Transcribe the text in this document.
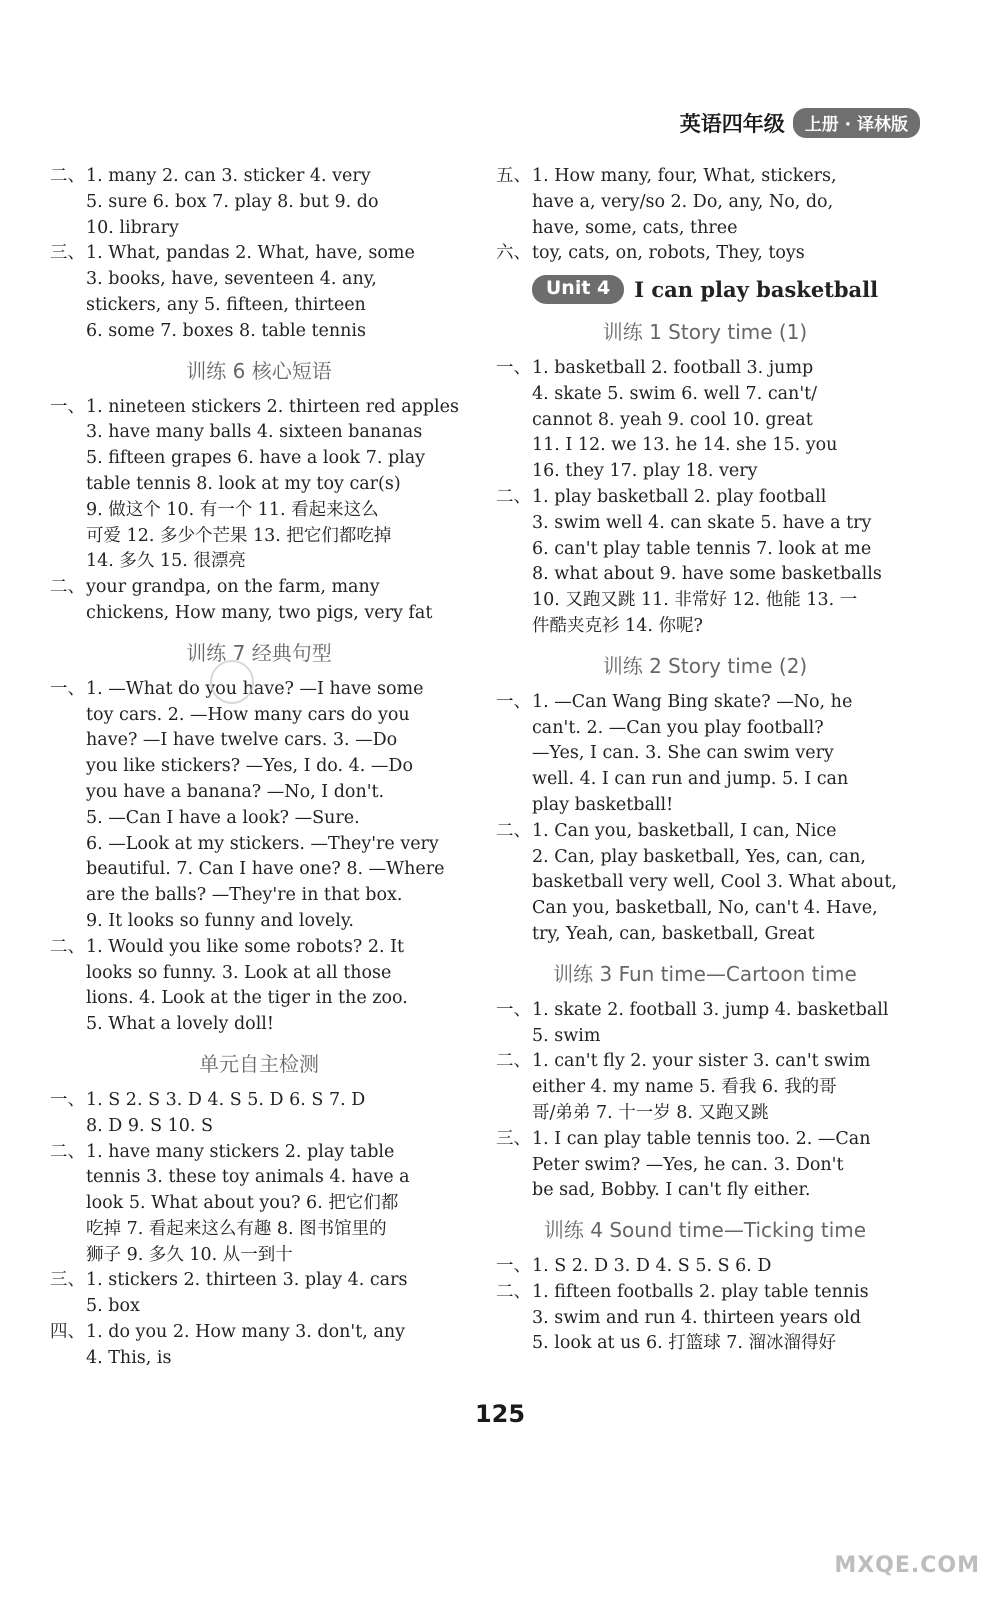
英语四年级	上册 · 译林版
二、 1. many 2. can 3. sticker 4. very
5. sure 6. box 7. play 8. but 9. do
10. library
三、 1. What, pandas 2. What, have, some
3. books, have, seventeen 4. any,
stickers, any 5. fifteen, thirteen
6. some 7. boxes 8. table tennis
训练 6 核心短语
一、 1. nineteen stickers 2. thirteen red apples
3. have many balls 4. sixteen bananas
5. fifteen grapes 6. have a look 7. play
table tennis 8. look at my toy car(s)
9. 做这个 10. 有一个 11. 看起来这么
可爱 12. 多少个芒果 13. 把它们都吃掉
14. 多久 15. 很漂亮
二、 your grandpa, on the farm, many
chickens, How many, two pigs, very fat
训练 7 经典句型
一、 1. —What do you have? —I have some
toy cars. 2. —How many cars do you
have? —I have twelve cars. 3. —Do
you like stickers? —Yes, I do. 4. —Do
you have a banana? —No, I don't.
5. —Can I have a look? —Sure.
6. —Look at my stickers. —They're very
beautiful. 7. Can I have one? 8. —Where
are the balls? —They're in that box.
9. It looks so funny and lovely.
二、 1. Would you like some robots? 2. It
looks so funny. 3. Look at all those
lions. 4. Look at the tiger in the zoo.
5. What a lovely doll!
单元自主检测
一、 1. S 2. S 3. D 4. S 5. D 6. S 7. D
8. D 9. S 10. S
二、 1. have many stickers 2. play table
tennis 3. these toy animals 4. have a
look 5. What about you? 6. 把它们都
吃掉 7. 看起来这么有趣 8. 图书馆里的
狮子 9. 多久 10. 从一到十
三、 1. stickers 2. thirteen 3. play 4. cars
5. box
四、 1. do you 2. How many 3. don't, any
4. This, is
五、 1. How many, four, What, stickers,
have a, very/so 2. Do, any, No, do,
have, some, cats, three
六、 toy, cats, on, robots, They, toys
Unit 4	I can play basketball
训练 1 Story time (1)
一、 1. basketball 2. football 3. jump
4. skate 5. swim 6. well 7. can't/
cannot 8. yeah 9. cool 10. great
11. I 12. we 13. he 14. she 15. you
16. they 17. play 18. very
二、 1. play basketball 2. play football
3. swim well 4. can skate 5. have a try
6. can't play table tennis 7. look at me
8. what about 9. have some basketballs
10. 又跑又跳 11. 非常好 12. 他能 13. 一
件酷夹克衫 14. 你呢?
训练 2 Story time (2)
一、 1. —Can Wang Bing skate? —No, he
can't. 2. —Can you play football?
—Yes, I can. 3. She can swim very
well. 4. I can run and jump. 5. I can
play basketball!
二、 1. Can you, basketball, I can, Nice
2. Can, play basketball, Yes, can, can,
basketball very well, Cool 3. What about,
Can you, basketball, No, can't 4. Have,
try, Yeah, can, basketball, Great
训练 3 Fun time—Cartoon time
一、 1. skate 2. football 3. jump 4. basketball
5. swim
二、 1. can't fly 2. your sister 3. can't swim
either 4. my name 5. 看我 6. 我的哥
哥/弟弟 7. 十一岁 8. 又跑又跳
三、 1. I can play table tennis too. 2. —Can
Peter swim? —Yes, he can. 3. Don't
be sad, Bobby. I can't fly either.
训练 4 Sound time—Ticking time
一、 1. S 2. D 3. D 4. S 5. S 6. D
二、 1. fifteen footballs 2. play table tennis
3. swim and run 4. thirteen years old
5. look at us 6. 打篮球 7. 溜冰溜得好
125
MXQE.COM
